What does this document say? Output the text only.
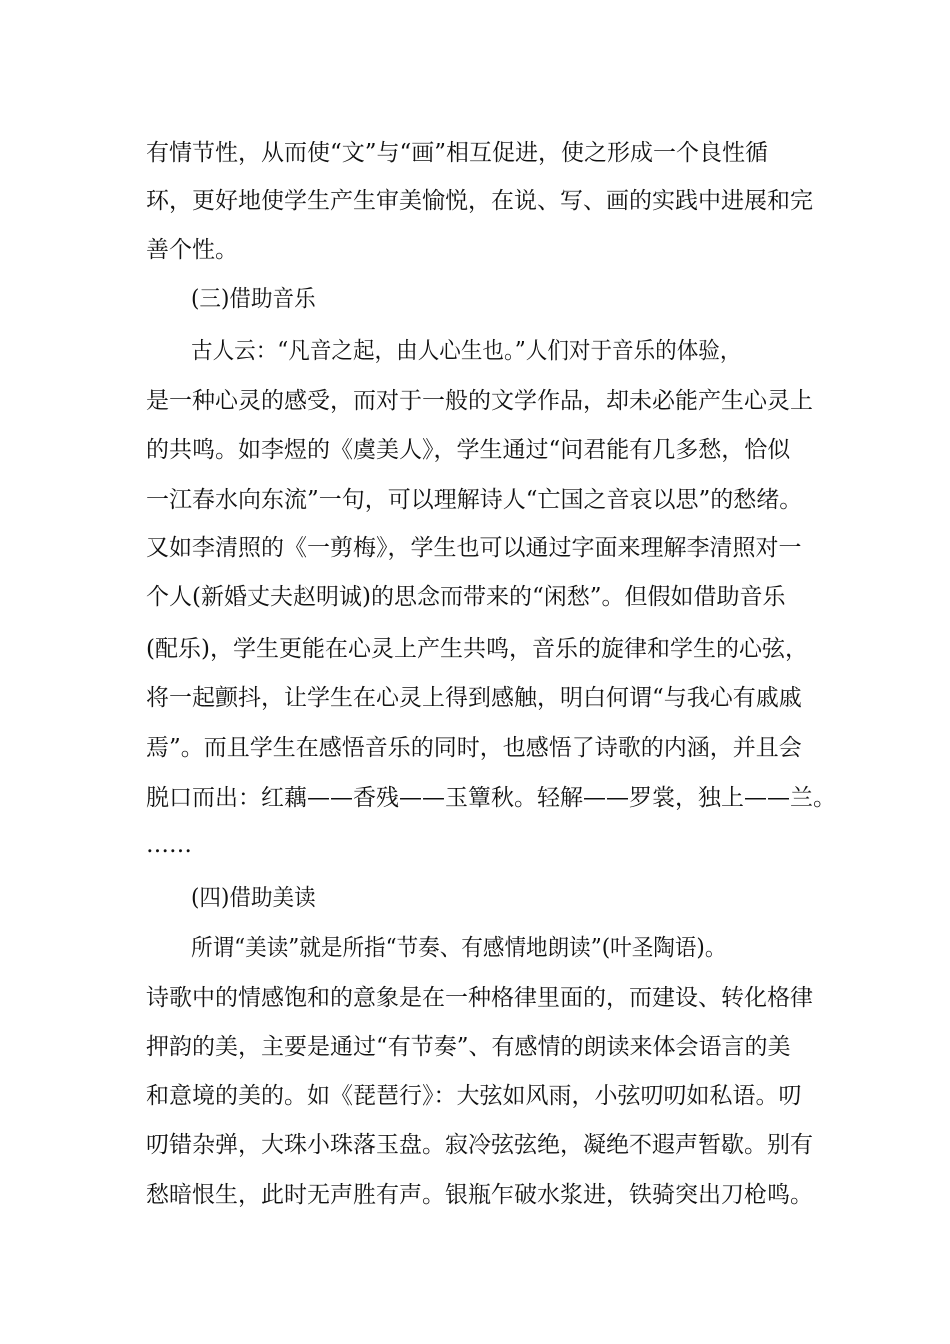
有情节性，从而使“文”与“画”相互促进，使之形成一个良性循
环，更好地使学生产生审美愉悦，在说、写、画的实践中进展和完
善个性。
(三)借助音乐
古人云：“凡音之起，由人心生也。”人们对于音乐的体验，
是一种心灵的感受，而对于一般的文学作品，却未必能产生心灵上
的共鸣。如李煜的《虞美人》，学生通过“问君能有几多愁，恰似
一江春水向东流”一句，可以理解诗人“亡国之音哀以思”的愁绪。
又如李清照的《一剪梅》，学生也可以通过字面来理解李清照对一
个人(新婚丈夫赵明诚)的思念而带来的“闲愁”。但假如借助音乐
(配乐)，学生更能在心灵上产生共鸣，音乐的旋律和学生的心弦，
将一起颤抖，让学生在心灵上得到感触，明白何谓“与我心有戚戚
焉”。而且学生在感悟音乐的同时，也感悟了诗歌的内涵，并且会
脱口而出：红藕——香残——玉簟秋。轻解——罗裳，独上——兰。
……
(四)借助美读
所谓“美读”就是所指“节奏、有感情地朗读”(叶圣陶语)。
诗歌中的情感饱和的意象是在一种格律里面的，而建设、转化格律
押韵的美，主要是通过“有节奏”、有感情的朗读来体会语言的美
和意境的美的。如《琵琶行》：大弦如风雨，小弦叨叨如私语。叨
叨错杂弹，大珠小珠落玉盘。寂冷弦弦绝，凝绝不遐声暂歇。别有
愁暗恨生，此时无声胜有声。银瓶乍破水浆进，铁骑突出刀枪鸣。
